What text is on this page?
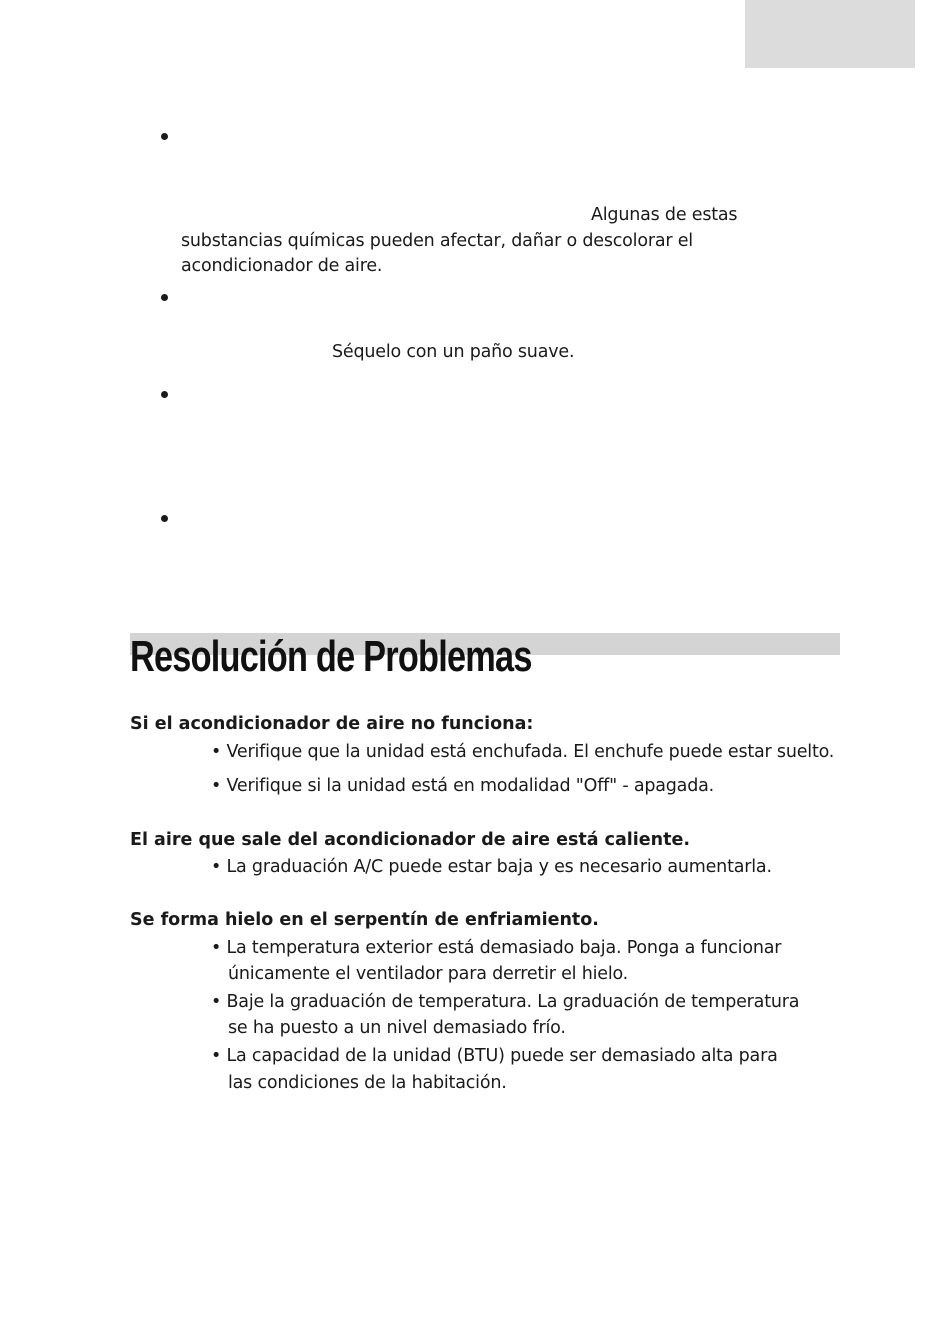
Algunas de estas
substancias químicas pueden afectar, dañar o descolorar el
acondicionador de aire.
Séquelo con un paño suave.
Resolución de Problemas
Si el acondicionador de aire no funciona:
• Verifique que la unidad está enchufada. El enchufe puede estar suelto.
• Verifique si la unidad está en modalidad "Off" - apagada.
El aire que sale del acondicionador de aire está caliente.
• La graduación A/C puede estar baja y es necesario aumentarla.
Se forma hielo en el serpentín de enfriamiento.
• La temperatura exterior está demasiado baja. Ponga a funcionar
únicamente el ventilador para derretir el hielo.
• Baje la graduación de temperatura. La graduación de temperatura
se ha puesto a un nivel demasiado frío.
• La capacidad de la unidad (BTU) puede ser demasiado alta para
las condiciones de la habitación.
